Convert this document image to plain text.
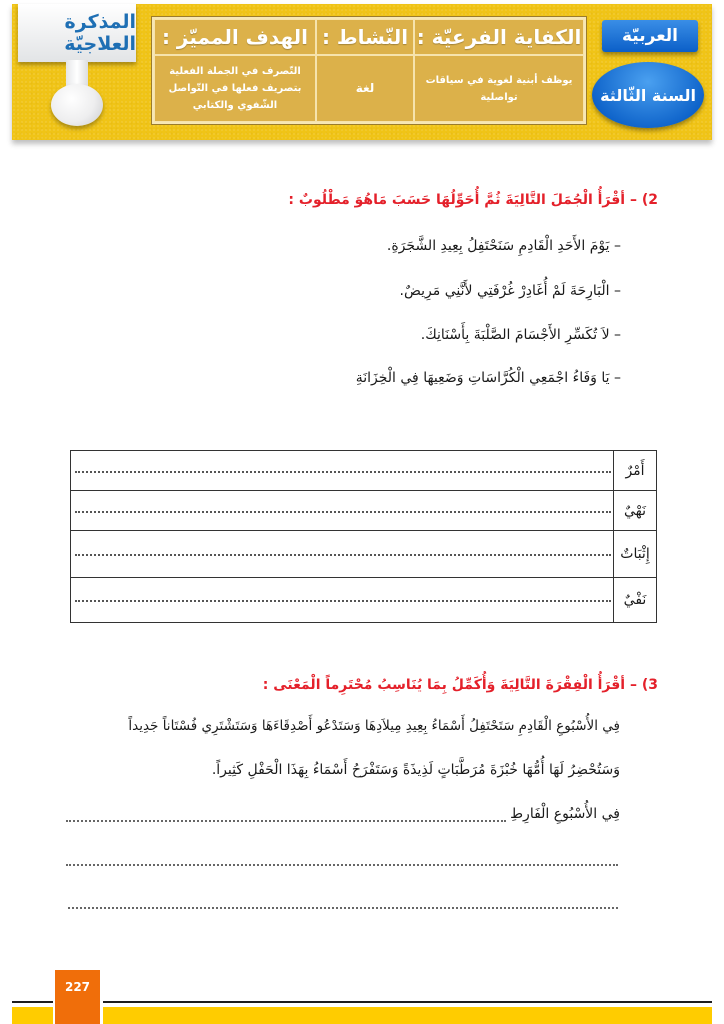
المذكرة العلاجيّة الهدف المميّز :
التّصرف في الجملة الفعلية بتصريف فعلها في التّواصل الشّفوي والكتابي
النّشاط :
لغة
الكفاية الفرعيّة :
يوظف أبنية لغوية في سياقات تواصلية
العربيّة
السنة الثّالثة
2) – أقْرَأُ الْجُمَلَ التَّالِيَةَ ثُمَّ أُحَوِّلُهَا حَسَبَ مَاهُوَ مَطْلُوبٌ :
– يَوْمَ الأَحَدِ الْقَادِمِ سَنَحْتَفِلُ بِعِيدِ الشَّجَرَةِ.
– الْبَارِحَةَ لَمْ أُغَادِرْ غُرْفَتِي لأَنَّنِي مَرِيضٌ.
– لاَ تُكَسِّرِ الأَجْسَامَ الصَّلْبَةَ بِأَسْنَانِكَ.
– يَا وَفَاءُ اجْمَعِي الْكُرَّاسَاتِ وَضَعِيهَا فِي الْخِزَانَةِ
	أَمْرٌ

	نَهْيٌ

	إِثْبَاتٌ

	نَفْيٌ
3) – أقْرَأُ الْفِقْرَةَ التَّالِيَةَ وَأُكَمِّلُ بِمَا يُنَاسِبُ مُحْتَرِماً الْمَعْنَى :
فِي الأُسْبُوعِ الْقَادِمِ سَتَحْتَفِلُ أَسْمَاءُ بِعِيدِ مِيلاَدِهَا وَسَتَدْعُو أَصْدِقَاءَهَا وَسَتَشْتَرِي فُسْتَاناً جَدِيداً
وَسَتُحْضِرُ لَهَا أُمُّهَا خُبْزَةَ مُرَطَّبَاتٍ لَذِيذَةً وَسَتَفْرَحُ أَسْمَاءُ بِهَذَا الْحَفْلِ كَثِيراً.
فِي الأُسْبُوعِ الْفَارِطِ
227
